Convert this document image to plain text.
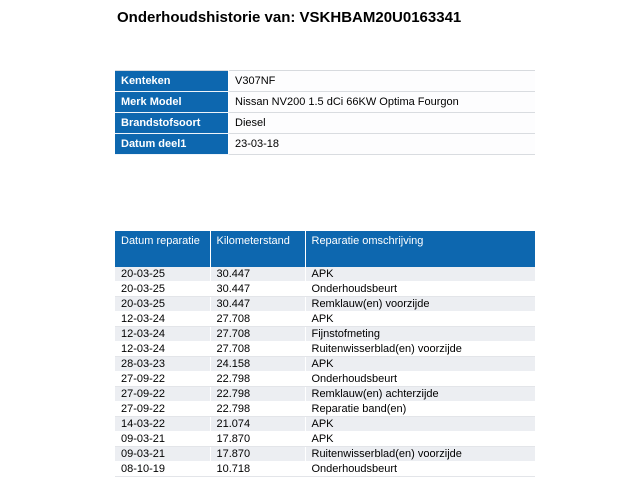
Onderhoudshistorie van: VSKHBAM20U0163341
Kenteken	V307NF
Merk Model	Nissan NV200 1.5 dCi 66KW Optima Fourgon
Brandstofsoort	Diesel
Datum deel1	23-03-18
Datum reparatie	Kilometerstand	Reparatie omschrijving
20-03-25	30.447	APK
20-03-25	30.447	Onderhoudsbeurt
20-03-25	30.447	Remklauw(en) voorzijde
12-03-24	27.708	APK
12-03-24	27.708	Fijnstofmeting
12-03-24	27.708	Ruitenwisserblad(en) voorzijde
28-03-23	24.158	APK
27-09-22	22.798	Onderhoudsbeurt
27-09-22	22.798	Remklauw(en) achterzijde
27-09-22	22.798	Reparatie band(en)
14-03-22	21.074	APK
09-03-21	17.870	APK
09-03-21	17.870	Ruitenwisserblad(en) voorzijde
08-10-19	10.718	Onderhoudsbeurt
